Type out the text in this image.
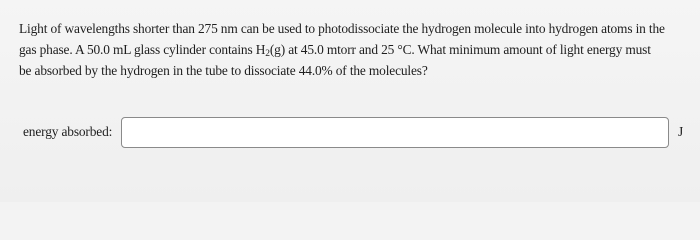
Light of wavelengths shorter than 275 nm can be used to photodissociate the hydrogen molecule into hydrogen atoms in the
gas phase. A 50.0 mL glass cylinder contains $H_2(g)$ at 45.0 mtorr and 25 °C. What minimum amount of light energy must
be absorbed by the hydrogen in the tube to dissociate 44.0% of the molecules?
energy absorbed:	J
